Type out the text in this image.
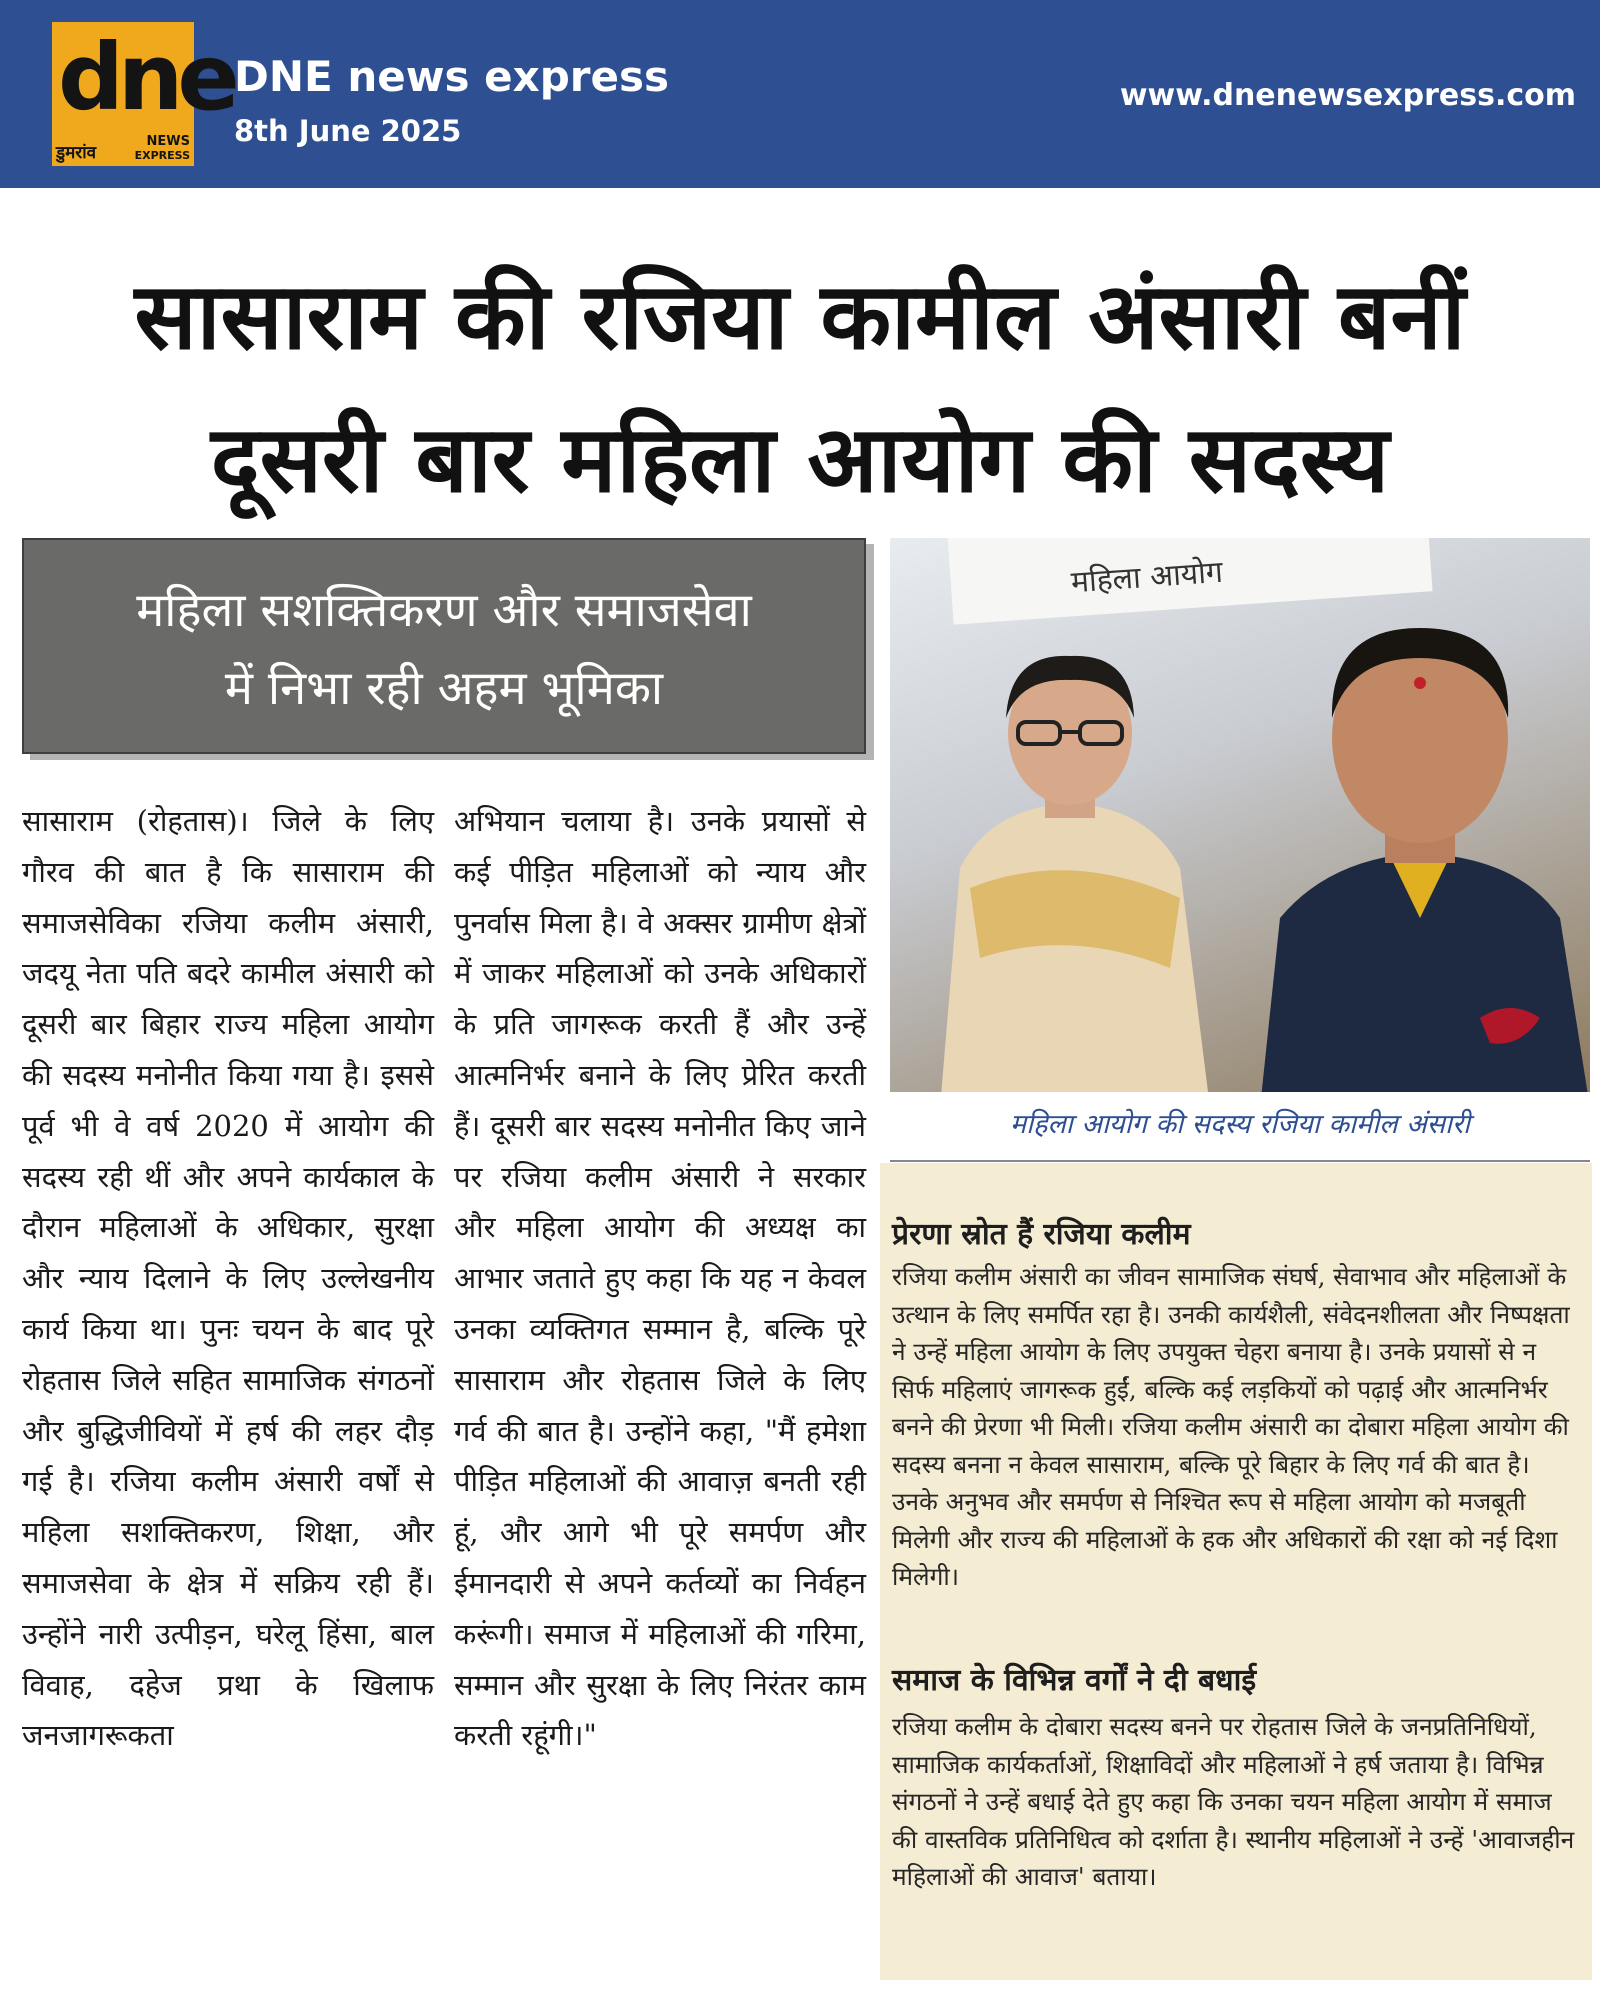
dne
डुमरांव
NEWS
EXPRESS
DNE news express
8th June 2025
www.dnenewsexpress.com
सासाराम की रजिया कामील अंसारी बनीं
दूसरी बार महिला आयोग की सदस्य
महिला सशक्तिकरण और समाजसेवा
में निभा रही अहम भूमिका
सासाराम (रोहतास)। जिले के लिए गौरव की बात है कि सासाराम की समाजसेविका रजिया कलीम अंसारी, जदयू नेता पति बदरे कामील अंसारी को दूसरी बार बिहार राज्य महिला आयोग की सदस्य मनोनीत किया गया है। इससे पूर्व भी वे वर्ष 2020 में आयोग की सदस्य रही थीं और अपने कार्यकाल के दौरान महिलाओं के अधिकार, सुरक्षा और न्याय दिलाने के लिए उल्लेखनीय कार्य किया था। पुनः चयन के बाद पूरे रोहतास जिले सहित सामाजिक संगठनों और बुद्धिजीवियों में हर्ष की लहर दौड़ गई है। रजिया कलीम अंसारी वर्षों से महिला सशक्तिकरण, शिक्षा, और समाजसेवा के क्षेत्र में सक्रिय रही हैं। उन्होंने नारी उत्पीड़न, घरेलू हिंसा, बाल विवाह, दहेज प्रथा के खिलाफ जनजागरूकता
अभियान चलाया है। उनके प्रयासों से कई पीड़ित महिलाओं को न्याय और पुनर्वास मिला है। वे अक्सर ग्रामीण क्षेत्रों में जाकर महिलाओं को उनके अधिकारों के प्रति जागरूक करती हैं और उन्हें आत्मनिर्भर बनाने के लिए प्रेरित करती हैं। दूसरी बार सदस्य मनोनीत किए जाने पर रजिया कलीम अंसारी ने सरकार और महिला आयोग की अध्यक्ष का आभार जताते हुए कहा कि यह न केवल उनका व्यक्तिगत सम्मान है, बल्कि पूरे सासाराम और रोहतास जिले के लिए गर्व की बात है। उन्होंने कहा, "मैं हमेशा पीड़ित महिलाओं की आवाज़ बनती रही हूं, और आगे भी पूरे समर्पण और ईमानदारी से अपने कर्तव्यों का निर्वहन करूंगी। समाज में महिलाओं की गरिमा, सम्मान और सुरक्षा के लिए निरंतर काम करती रहूंगी।"
महिला आयोग
महिला आयोग की सदस्य रजिया कामील अंसारी
प्रेरणा स्रोत हैं रजिया कलीम
रजिया कलीम अंसारी का जीवन सामाजिक संघर्ष, सेवाभाव और महिलाओं के उत्थान के लिए समर्पित रहा है। उनकी कार्यशैली, संवेदनशीलता और निष्पक्षता ने उन्हें महिला आयोग के लिए उपयुक्त चेहरा बनाया है। उनके प्रयासों से न सिर्फ महिलाएं जागरूक हुईं, बल्कि कई लड़कियों को पढ़ाई और आत्मनिर्भर बनने की प्रेरणा भी मिली। रजिया कलीम अंसारी का दोबारा महिला आयोग की सदस्य बनना न केवल सासाराम, बल्कि पूरे बिहार के लिए गर्व की बात है। उनके अनुभव और समर्पण से निश्चित रूप से महिला आयोग को मजबूती मिलेगी और राज्य की महिलाओं के हक और अधिकारों की रक्षा को नई दिशा मिलेगी।
समाज के विभिन्न वर्गों ने दी बधाई
रजिया कलीम के दोबारा सदस्य बनने पर रोहतास जिले के जनप्रतिनिधियों, सामाजिक कार्यकर्ताओं, शिक्षाविदों और महिलाओं ने हर्ष जताया है। विभिन्न संगठनों ने उन्हें बधाई देते हुए कहा कि उनका चयन महिला आयोग में समाज की वास्तविक प्रतिनिधित्व को दर्शाता है। स्थानीय महिलाओं ने उन्हें 'आवाजहीन महिलाओं की आवाज' बताया।
